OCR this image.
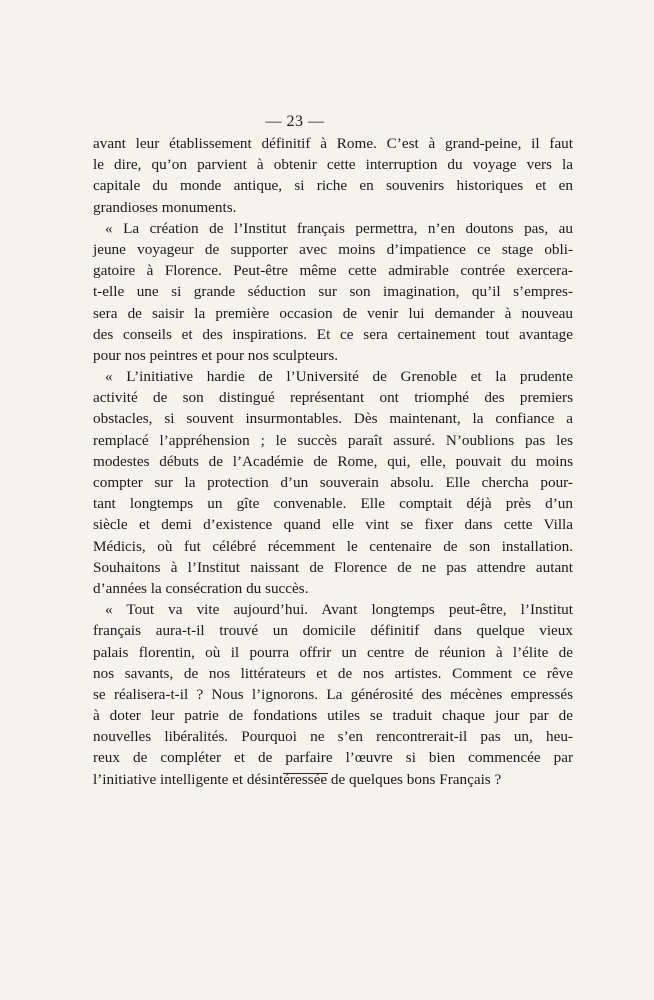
— 23 —

avant leur établissement définitif à Rome. C’est à grand-peine, il faut
le dire, qu’on parvient à obtenir cette interruption du voyage vers la
capitale du monde antique, si riche en souvenirs historiques et en
grandioses monuments.

« La création de l’Institut français permettra, n’en doutons pas, au
jeune voyageur de supporter avec moins d’impatience ce stage obli-
gatoire à Florence. Peut-être même cette admirable contrée exercera-
t-elle une si grande séduction sur son imagination, qu’il s’empres-
sera de saisir la première occasion de venir lui demander à nouveau
des conseils et des inspirations. Et ce sera certainement tout avantage
pour nos peintres et pour nos sculpteurs.

« L’initiative hardie de l’Université de Grenoble et la prudente
activité de son distingué représentant ont triomphé des premiers
obstacles, si souvent insurmontables. Dès maintenant, la confiance a
remplacé l’appréhension ; le succès paraît assuré. N’oublions pas les
modestes débuts de l’Académie de Rome, qui, elle, pouvait du moins
compter sur la protection d’un souverain absolu. Elle chercha pour-
tant longtemps un gîte convenable. Elle comptait déjà près d’un
siècle et demi d’existence quand elle vint se fixer dans cette Villa
Médicis, où fut célébré récemment le centenaire de son installation.
Souhaitons à l’Institut naissant de Florence de ne pas attendre autant
d’années la consécration du succès.

« Tout va vite aujourd’hui. Avant longtemps peut-être, l’Institut
français aura-t-il trouvé un domicile définitif dans quelque vieux
palais florentin, où il pourra offrir un centre de réunion à l’élite de
nos savants, de nos littérateurs et de nos artistes. Comment ce rêve
se réalisera-t-il ? Nous l’ignorons. La générosité des mécènes empressés
à doter leur patrie de fondations utiles se traduit chaque jour par de
nouvelles libéralités. Pourquoi ne s’en rencontrerait-il pas un, heu-
reux de compléter et de parfaire l’œuvre si bien commencée par
l’initiative intelligente et désintéressée de quelques bons Français ?
